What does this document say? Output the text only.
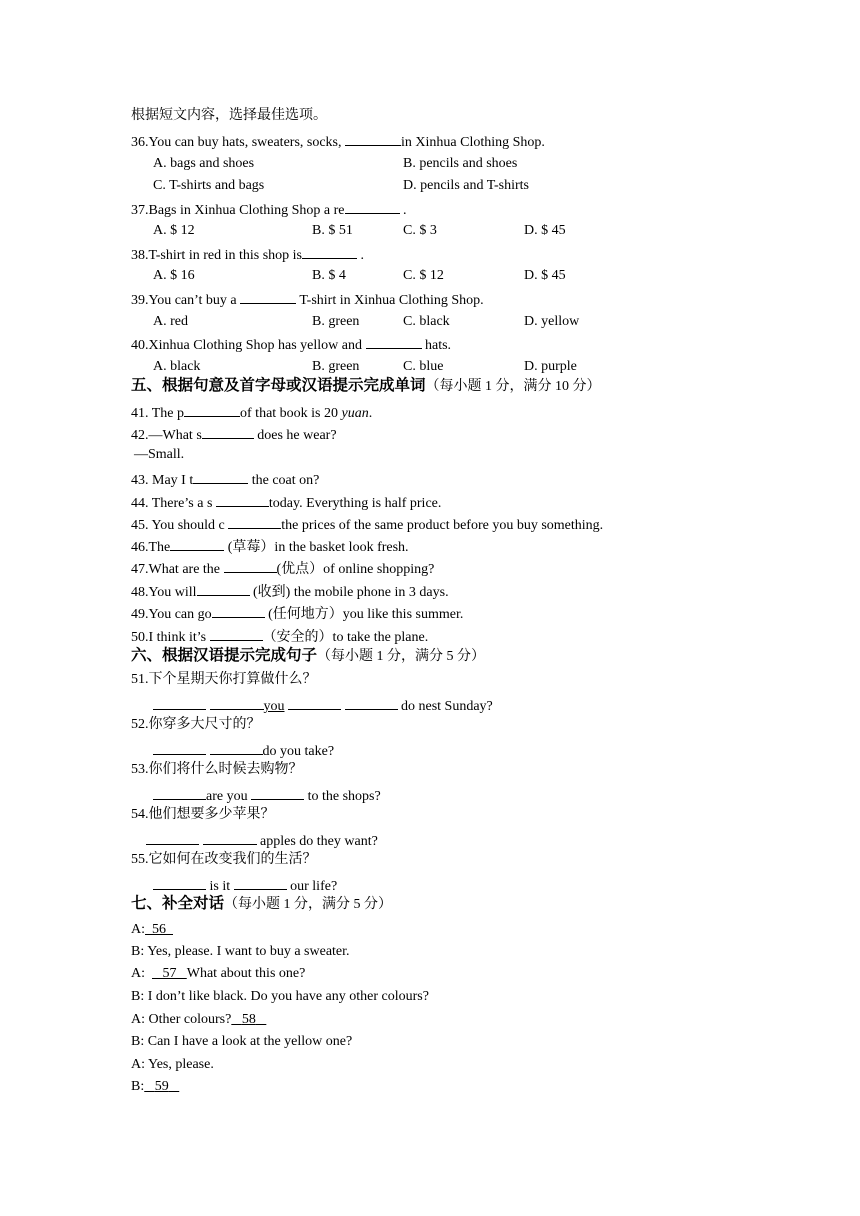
根据短文内容，选择最佳选项。
36.You can buy hats, sweaters, socks,	in Xinhua Clothing Shop.
A. bags and shoes	B. pencils and shoes
C. T-shirts and bags	D. pencils and T-shirts
37.Bags in Xinhua Clothing Shop a re	.
A. $ 12	B. $ 51	C. $ 3	D. $ 45
38.T-shirt in red in this shop is	.
A. $ 16	B. $ 4	C. $ 12	D. $ 45
39.You can’t buy a	T-shirt in Xinhua Clothing Shop.
A. red	B. green	C. black	D. yellow
40.Xinhua Clothing Shop has yellow and	hats.
A. black	B. green	C. blue	D. purple
五、根据句意及首字母或汉语提示完成单词（每小题 1 分，满分 10 分）
41. The p	of that book is 20 yuan.
42.—What s	does he wear?
—Small.
43. May I t	the coat on?
44. There’s a s	today. Everything is half price.
45. You should c	the prices of the same product before you buy something.
46.The	(草莓）in the basket look fresh.
47.What are the	(优点）of online shopping?
48.You will	(收到) the mobile phone in 3 days.
49.You can go	(任何地方）you like this summer.
50.I think it’s	（安全的）to take the plane.
六、根据汉语提示完成句子（每小题 1 分，满分 5 分）
51.下个星期天你打算做什么？
you	do nest Sunday?
52.你穿多大尺寸的？
do you take?
53.你们将什么时候去购物？
are you	to the shops?
54.他们想要多少苹果？
apples do they want?
55.它如何在改变我们的生活？
is it	our life?
七、补全对话（每小题 1 分，满分 5 分）
A: 56
B: Yes, please. I want to buy a sweater.
A: 57 What about this one?
B: I don’t like black. Do you have any other colours?
A: Other colours? 58
B: Can I have a look at the yellow one?
A: Yes, please.
B: 59
